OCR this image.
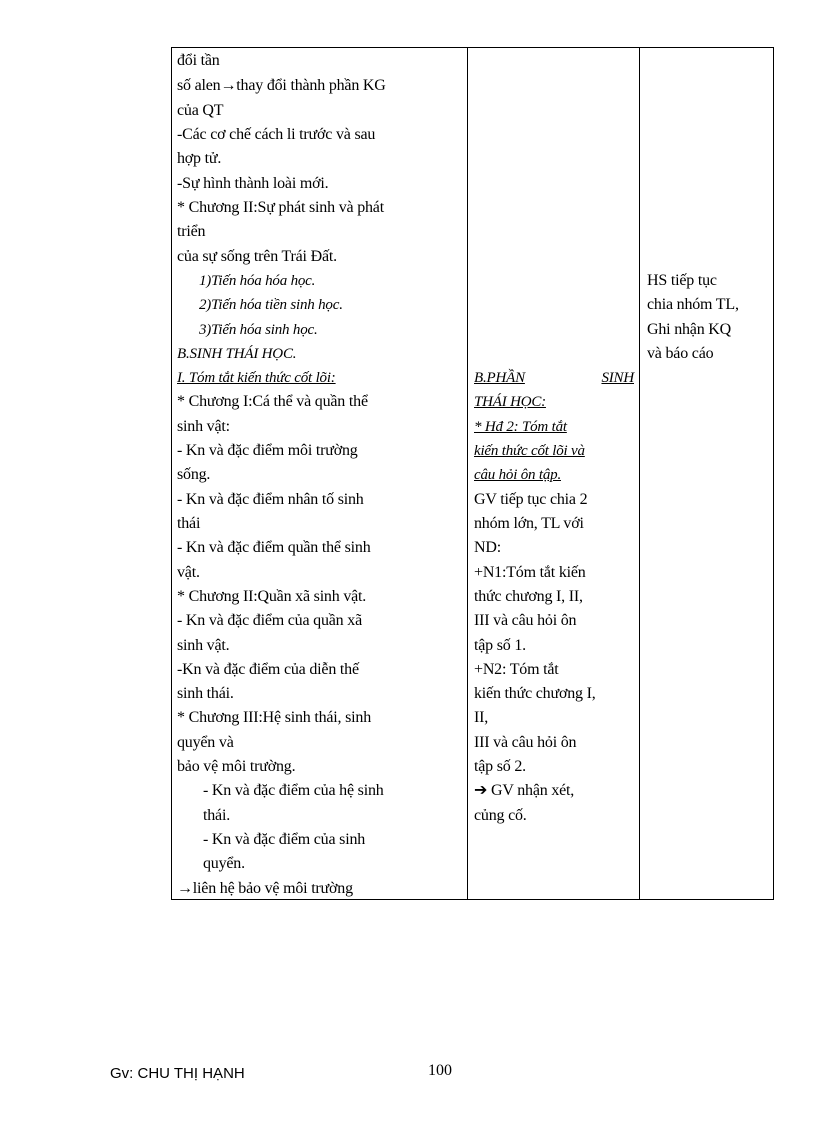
đổi tần
số alen→thay đổi thành phần KG
của QT
-Các cơ chế cách li trước và sau
hợp tử.
-Sự hình thành loài mới.
* Chương II:Sự phát sinh và phát
triển
của sự sống trên Trái Đất.
1)Tiến hóa hóa học.
2)Tiến hóa tiền sinh học.
3)Tiến hóa sinh học.
B.SINH THÁI HỌC.
I. Tóm tắt kiến thức cốt lõi:
* Chương I:Cá thể và quần thể
sinh vật:
- Kn và đặc điểm môi trường
sống.
- Kn và đặc điểm nhân tố sinh
thái
- Kn và đặc điểm quần thể sinh
vật.
* Chương II:Quần xã sinh vật.
- Kn và đặc điểm của quần xã
sinh vật.
-Kn và đặc điểm của diễn thế
sinh thái.
* Chương III:Hệ sinh thái, sinh
quyển và
bảo vệ môi trường.
- Kn và đặc điểm của hệ sinh
thái.
- Kn và đặc điểm của sinh
quyển.
→liên hệ bảo vệ môi trường
B.PHẦN	SINH
THÁI HỌC:
* Hđ 2: Tóm tắt
kiến thức cốt lõi và
câu hỏi ôn tập.
GV tiếp tục chia 2
nhóm lớn, TL với
ND:
+N1:Tóm tắt kiến
thức chương I, II,
III và câu hỏi ôn
tập số 1.
+N2: Tóm tắt
kiến thức chương I,
II,
III và câu hỏi ôn
tập số 2.
➔ GV nhận xét,
củng cố.
HS tiếp tục
chia nhóm TL,
Ghi nhận KQ
và báo cáo
Gv: CHU THỊ HẠNH	100
